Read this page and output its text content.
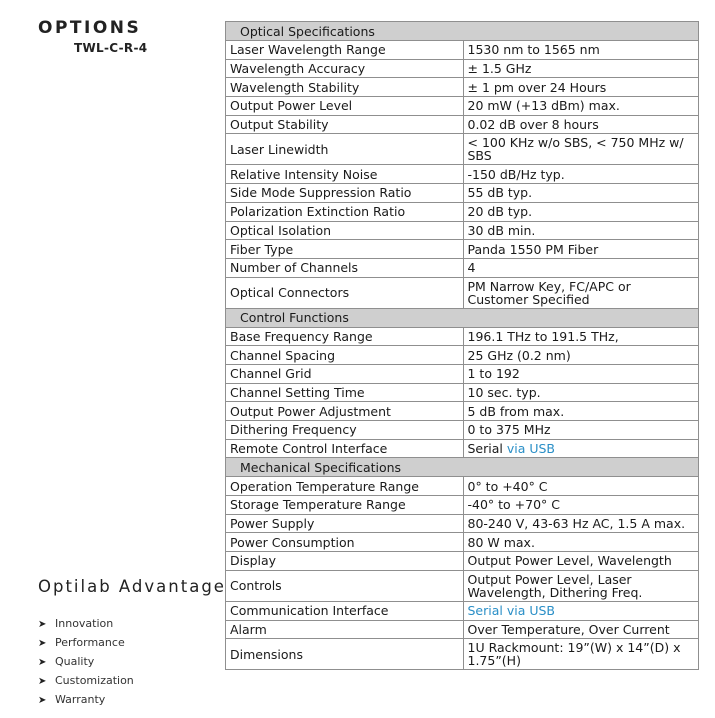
OPTIONS
TWL-C-R-4
Optilab Advantage
➤ Innovation
➤ Performance
➤ Quality
➤ Customization
➤ Warranty
Optical Specifications	
Laser Wavelength Range	1530 nm to 1565 nm
Wavelength Accuracy	± 1.5 GHz
Wavelength Stability	± 1 pm over 24 Hours
Output Power Level	20 mW (+13 dBm) max.
Output Stability	0.02 dB over 8 hours
Laser Linewidth	< 100 KHz w/o SBS, < 750 MHz w/ SBS
Relative Intensity Noise	-150 dB/Hz typ.
Side Mode Suppression Ratio	55 dB typ.
Polarization Extinction Ratio	20 dB typ.
Optical Isolation	30 dB min.
Fiber Type	Panda 1550 PM Fiber
Number of Channels	4
Optical Connectors	PM Narrow Key, FC/APC or Customer Specified
Control Functions	
Base Frequency Range	196.1 THz to 191.5 THz,
Channel Spacing	25 GHz (0.2 nm)
Channel Grid	1 to 192
Channel Setting Time	10 sec. typ.
Output Power Adjustment	5 dB from max.
Dithering Frequency	0 to 375 MHz
Remote Control Interface	Serial via USB
Mechanical Specifications	
Operation Temperature Range	0° to +40° C
Storage Temperature Range	-40° to +70° C
Power Supply	80-240 V, 43-63 Hz AC, 1.5 A max.
Power Consumption	80 W max.
Display	Output Power Level, Wavelength
Controls	Output Power Level, Laser Wavelength, Dithering Freq.
Communication Interface	Serial via USB
Alarm	Over Temperature, Over Current
Dimensions	1U Rackmount: 19”(W) x 14”(D) x 1.75”(H)
